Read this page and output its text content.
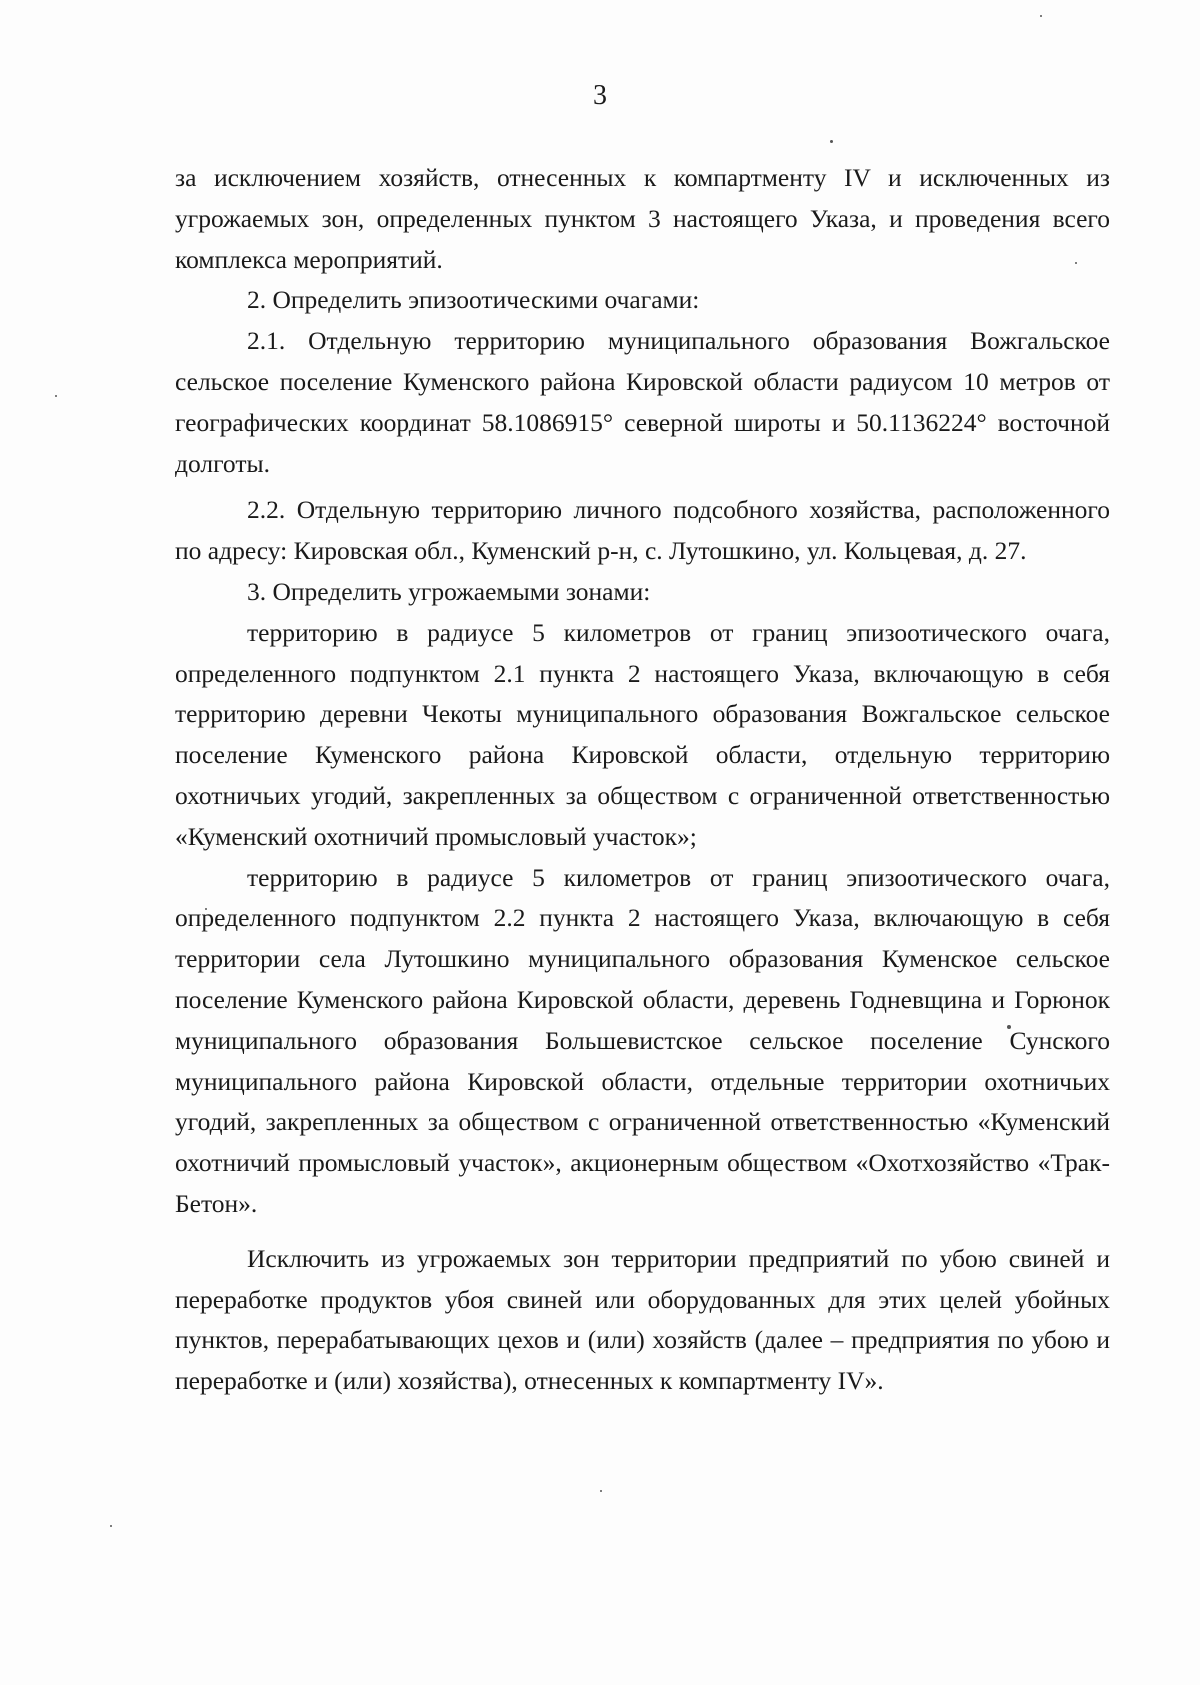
3

за исключением хозяйств, отнесенных к компартменту IV и исключенных из угрожаемых зон, определенных пунктом 3 настоящего Указа, и проведения всего комплекса мероприятий.

2. Определить эпизоотическими очагами:

2.1. Отдельную территорию муниципального образования Вожгальское сельское поселение Куменского района Кировской области радиусом 10 метров от географических координат 58.1086915° северной широты и 50.1136224° восточной долготы.

2.2. Отдельную территорию личного подсобного хозяйства, расположенного по адресу: Кировская обл., Куменский р-н, с. Лутошкино, ул. Кольцевая, д. 27.

3. Определить угрожаемыми зонами:

территорию в радиусе 5 километров от границ эпизоотического очага, определенного подпунктом 2.1 пункта 2 настоящего Указа, включающую в себя территорию деревни Чекоты муниципального образования Вожгальское сельское поселение Куменского района Кировской области, отдельную территорию охотничьих угодий, закрепленных за обществом с ограниченной ответственностью «Куменский охотничий промысловый участок»;

территорию в радиусе 5 километров от границ эпизоотического очага, определенного подпунктом 2.2 пункта 2 настоящего Указа, включающую в себя территории села Лутошкино муниципального образования Куменское сельское поселение Куменского района Кировской области, деревень Годневщина и Горюнок муниципального образования Большевистское сельское поселение Сунского муниципального района Кировской области, отдельные территории охотничьих угодий, закрепленных за обществом с ограниченной ответственностью «Куменский охотничий промысловый участок», акционерным обществом «Охотхозяйство «Трак-Бетон».

Исключить из угрожаемых зон территории предприятий по убою свиней и переработке продуктов убоя свиней или оборудованных для этих целей убойных пунктов, перерабатывающих цехов и (или) хозяйств (далее – предприятия по убою и переработке и (или) хозяйства), отнесенных к компартменту IV».
